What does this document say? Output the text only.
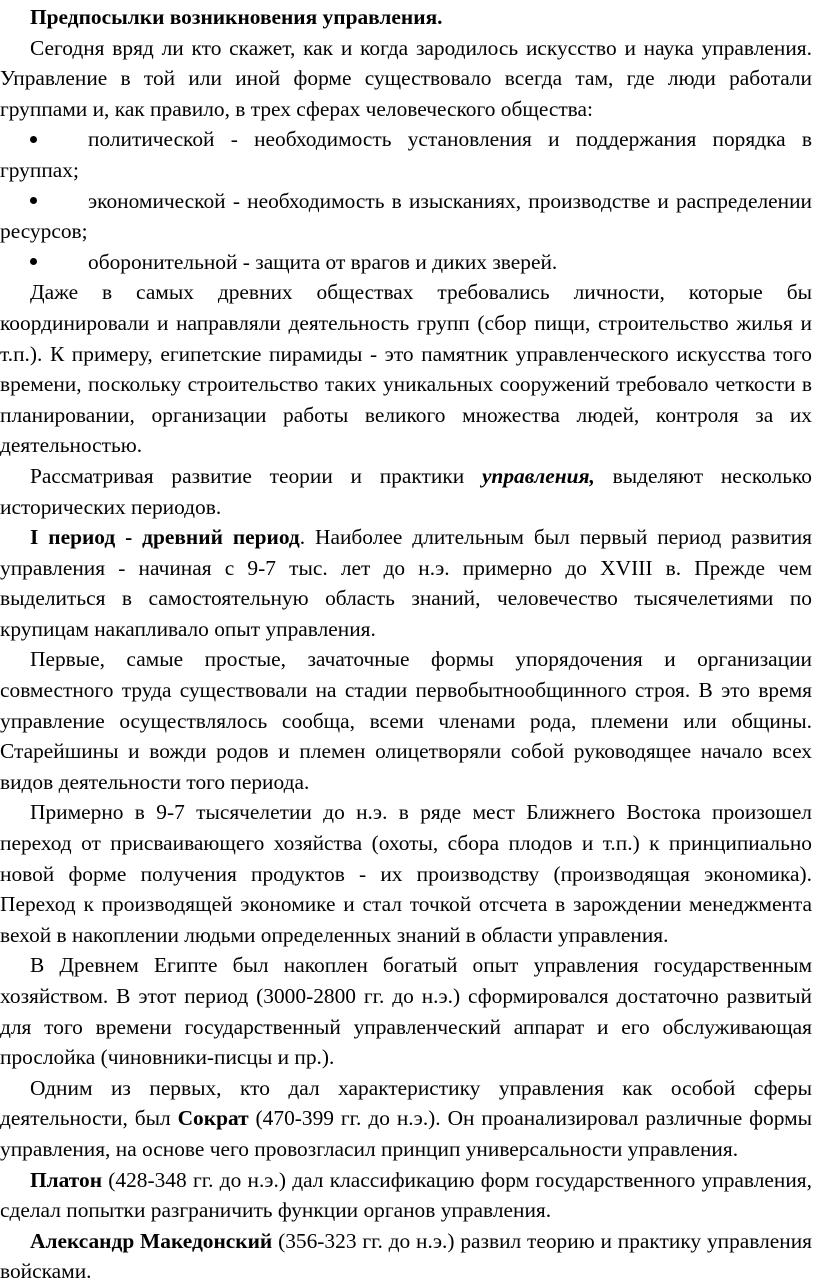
Предпосылки возникновения управления.

Сегодня вряд ли кто скажет, как и когда зародилось искусство и наука управления. Управление в той или иной форме существовало всегда там, где люди работали группами и, как правило, в трех сферах человеческого общества:

политической - необходимость установления и поддержания порядка в группах;

экономической - необходимость в изысканиях, производстве и распределении ресурсов;

оборонительной - защита от врагов и диких зверей.

Даже в самых древних обществах требовались личности, которые бы координировали и направляли деятельность групп (сбор пищи, строительство жилья и т.п.). К примеру, египетские пирамиды - это памятник управленческого искусства того времени, поскольку строительство таких уникальных сооружений требовало четкости в планировании, организации работы великого множества людей, контроля за их деятельностью.

Рассматривая развитие теории и практики управления, выделяют несколько исторических периодов.

I период - древний период. Наиболее длительным был первый период развития управления - начиная с 9-7 тыс. лет до н.э. примерно до XVIII в. Прежде чем выделиться в самостоятельную область знаний, человечество тысячелетиями по крупицам накапливало опыт управления.

Первые, самые простые, зачаточные формы упорядочения и организации совместного труда существовали на стадии первобытнообщинного строя. В это время управление осуществлялось сообща, всеми членами рода, племени или общины. Старейшины и вожди родов и племен олицетворяли собой руководящее начало всех видов деятельности того периода.

Примерно в 9-7 тысячелетии до н.э. в ряде мест Ближнего Востока произошел переход от присваивающего хозяйства (охоты, сбора плодов и т.п.) к принципиально новой форме получения продуктов - их производству (производящая экономика). Переход к производящей экономике и стал точкой отсчета в зарождении менеджмента вехой в накоплении людьми определенных знаний в области управления.

В Древнем Египте был накоплен богатый опыт управления государственным хозяйством. В этот период (3000-2800 гг. до н.э.) сформировался достаточно развитый для того времени государственный управленческий аппарат и его обслуживающая прослойка (чиновники-писцы и пр.).

Одним из первых, кто дал характеристику управления как особой сферы деятельности, был Сократ (470-399 гг. до н.э.). Он проанализировал различные формы управления, на основе чего провозгласил принцип универсальности управления.

Платон (428-348 гг. до н.э.) дал классификацию форм государственного управления, сделал попытки разграничить функции органов управления.

Александр Македонский (356-323 гг. до н.э.) развил теорию и практику управления войсками.
